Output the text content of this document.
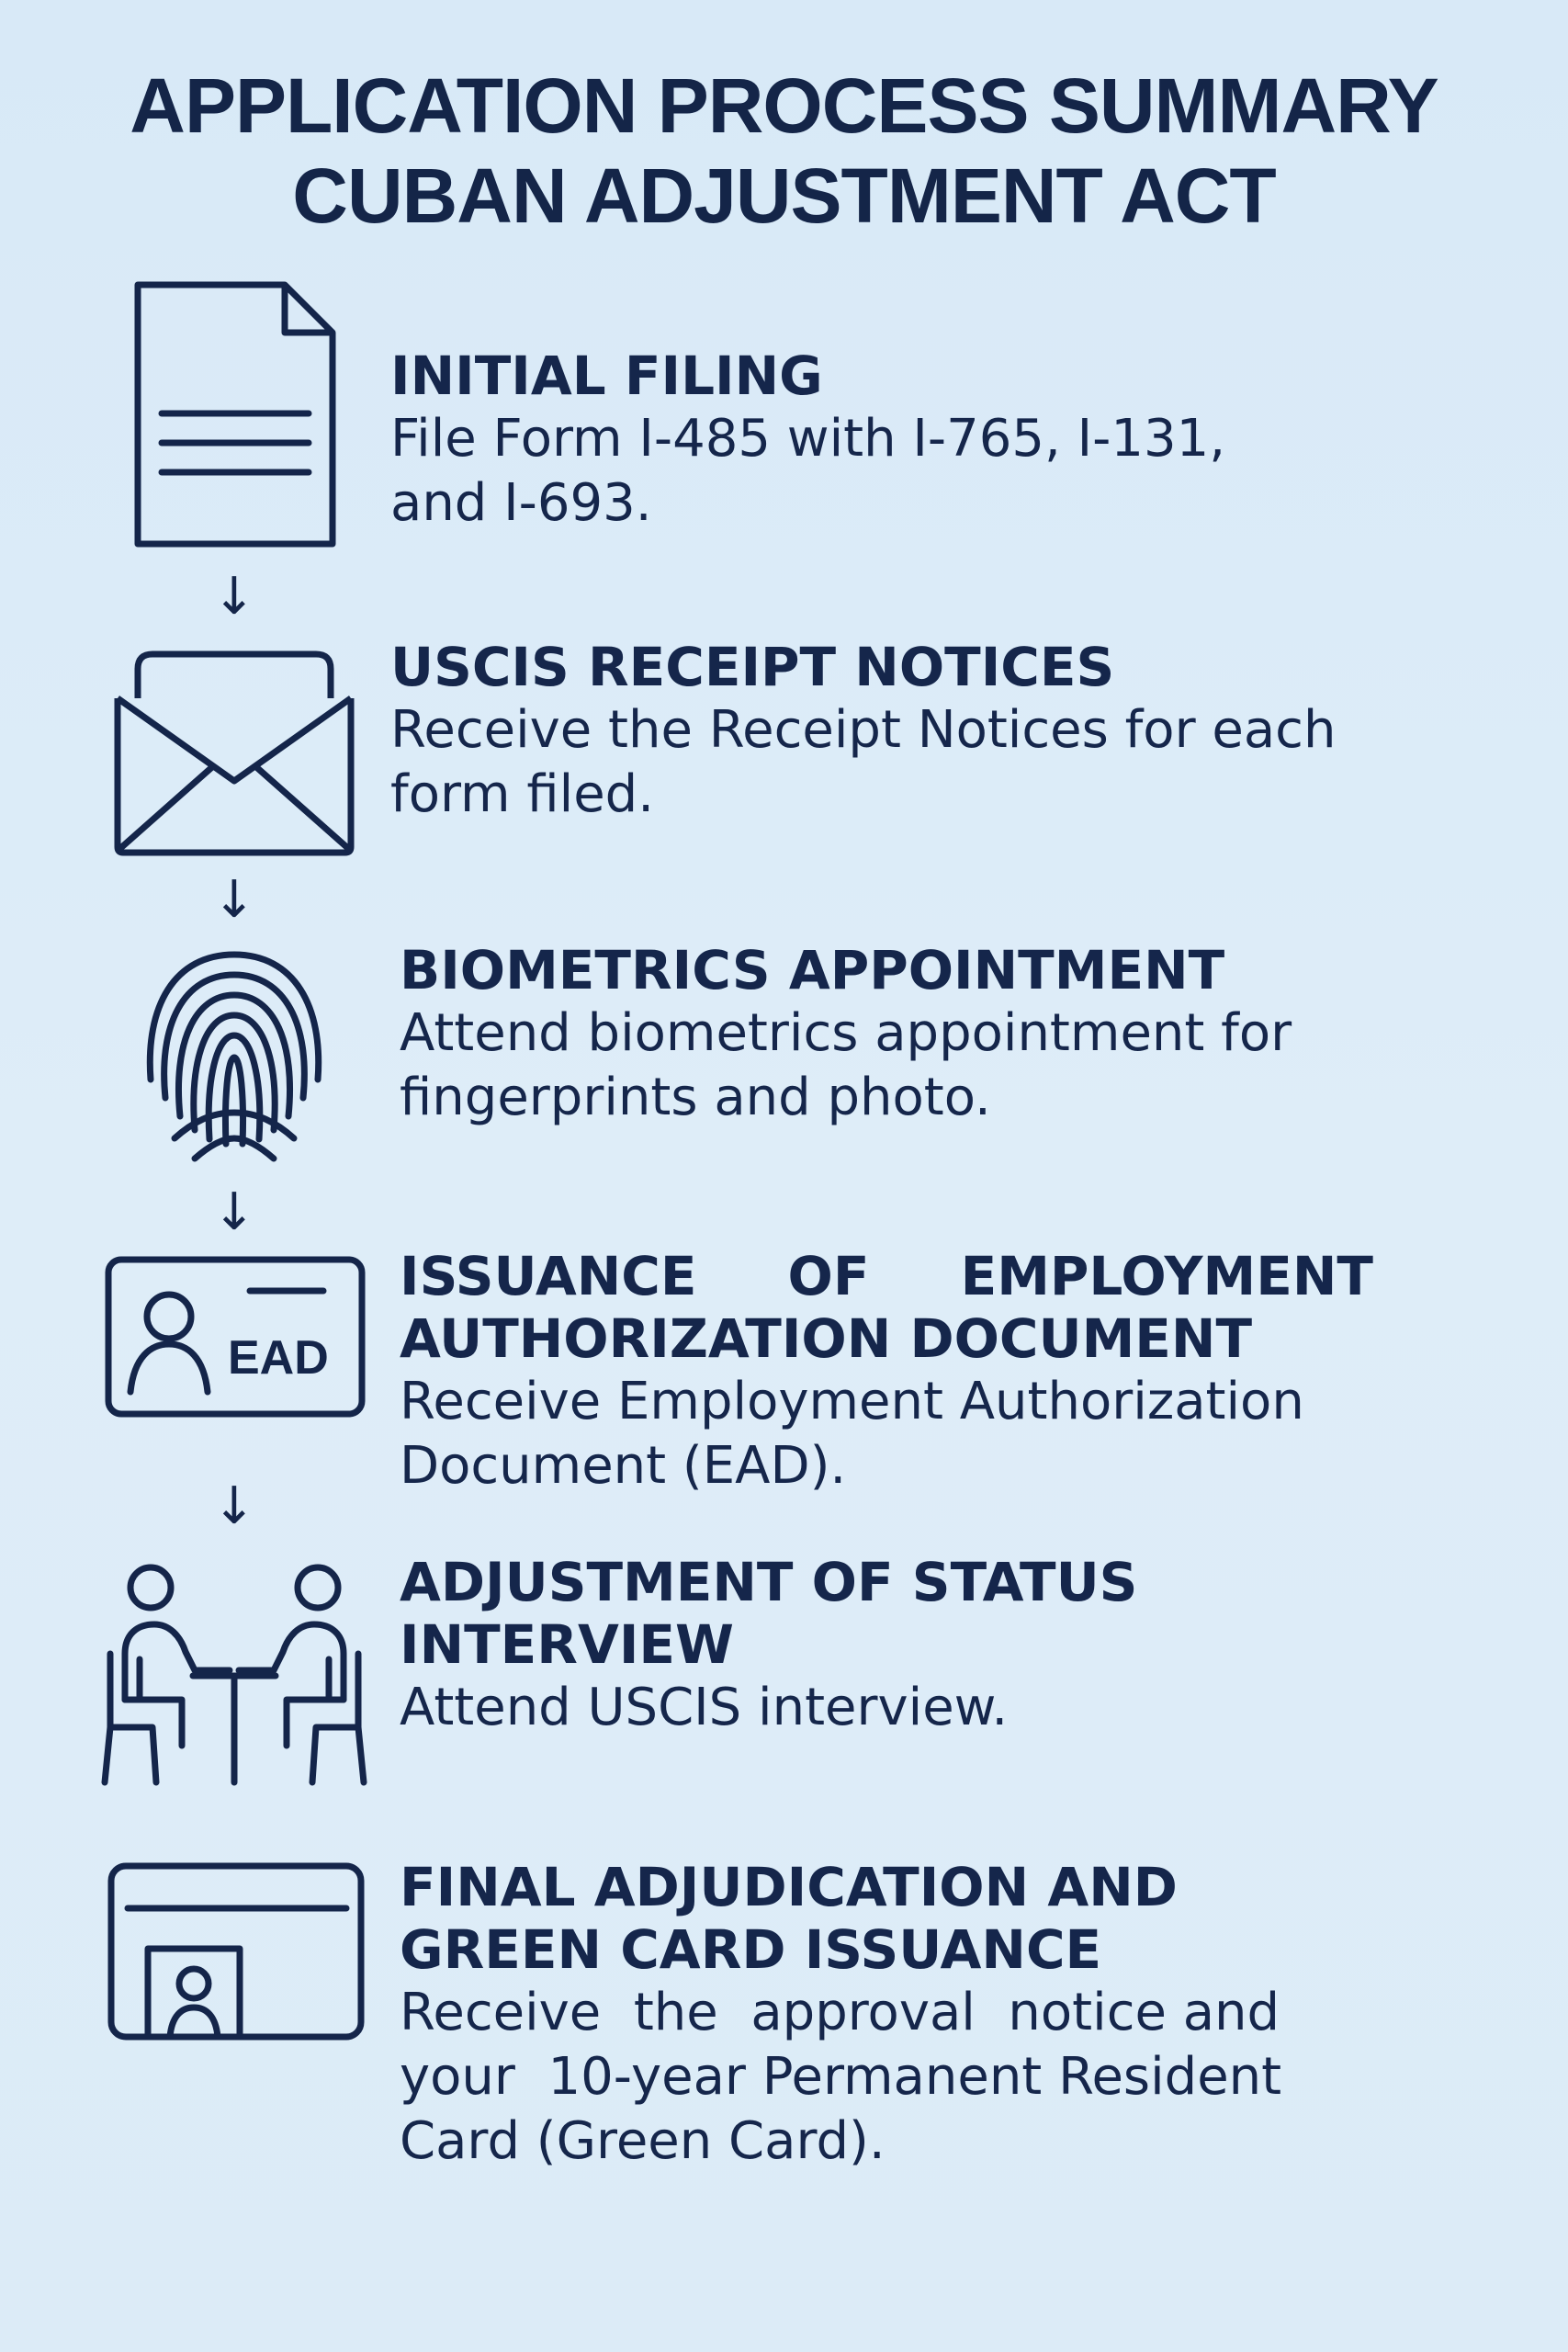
APPLICATION PROCESS SUMMARY
CUBAN ADJUSTMENT ACT
INITIAL FILING
File Form I-485 with I-765, I-131,
and I-693.
↓
USCIS RECEIPT NOTICES
Receive the Receipt Notices for each
form filed.
↓
BIOMETRICS APPOINTMENT
Attend biometrics appointment for
fingerprints and photo.
↓
EAD
ISSUANCE OF EMPLOYMENT
AUTHORIZATION DOCUMENT
Receive Employment Authorization
Document (EAD).
↓
ADJUSTMENT OF STATUS
INTERVIEW
Attend USCIS interview.
FINAL ADJUDICATION AND
GREEN CARD ISSUANCE
Receive  the  approval  notice and
your  10-year Permanent Resident
Card (Green Card).
